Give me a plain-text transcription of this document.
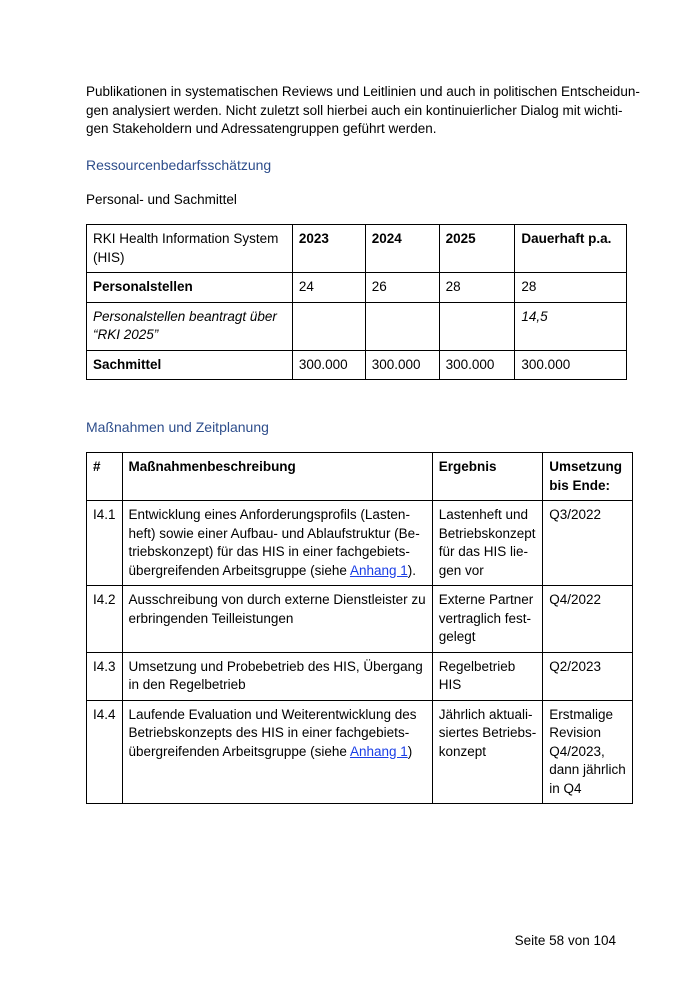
Publikationen in systematischen Reviews und Leitlinien und auch in politischen Entscheidun-
gen analysiert werden. Nicht zuletzt soll hierbei auch ein kontinuierlicher Dialog mit wichti-
gen Stakeholdern und Adressatengruppen geführt werden.

Ressourcenbedarfsschätzung

Personal- und Sachmittel

RKI Health Information System
(HIS)	2023	2024	2025	Dauerhaft p.a.
Personalstellen	24	26	28	28

Personalstellen beantragt über
“RKI 2025”				14,5
Sachmittel	300.000	300.000	300.000	300.000
Maßnahmen und Zeitplanung
#	Maßnahmenbeschreibung	Ergebnis	Umsetzung
bis Ende:

I4.1	Entwicklung eines Anforderungsprofils (Lasten-
heft) sowie einer Aufbau- und Ablaufstruktur (Be-
triebskonzept) für das HIS in einer fachgebiets-
übergreifenden Arbeitsgruppe (siehe Anhang 1).	Lastenheft und
Betriebskonzept
für das HIS lie-
gen vor	Q3/2022
I4.2	Ausschreibung von durch externe Dienstleister zu
erbringenden Teilleistungen	Externe Partner
vertraglich fest-
gelegt	Q4/2022
I4.3	Umsetzung und Probebetrieb des HIS, Übergang
in den Regelbetrieb	Regelbetrieb HIS	Q2/2023
I4.4	Laufende Evaluation und Weiterentwicklung des
Betriebskonzepts des HIS in einer fachgebiets-
übergreifenden Arbeitsgruppe (siehe Anhang 1)	Jährlich aktuali-
siertes Betriebs-
konzept	Erstmalige
Revision
Q4/2023,
dann jährlich
in Q4
Seite 58 von 104
